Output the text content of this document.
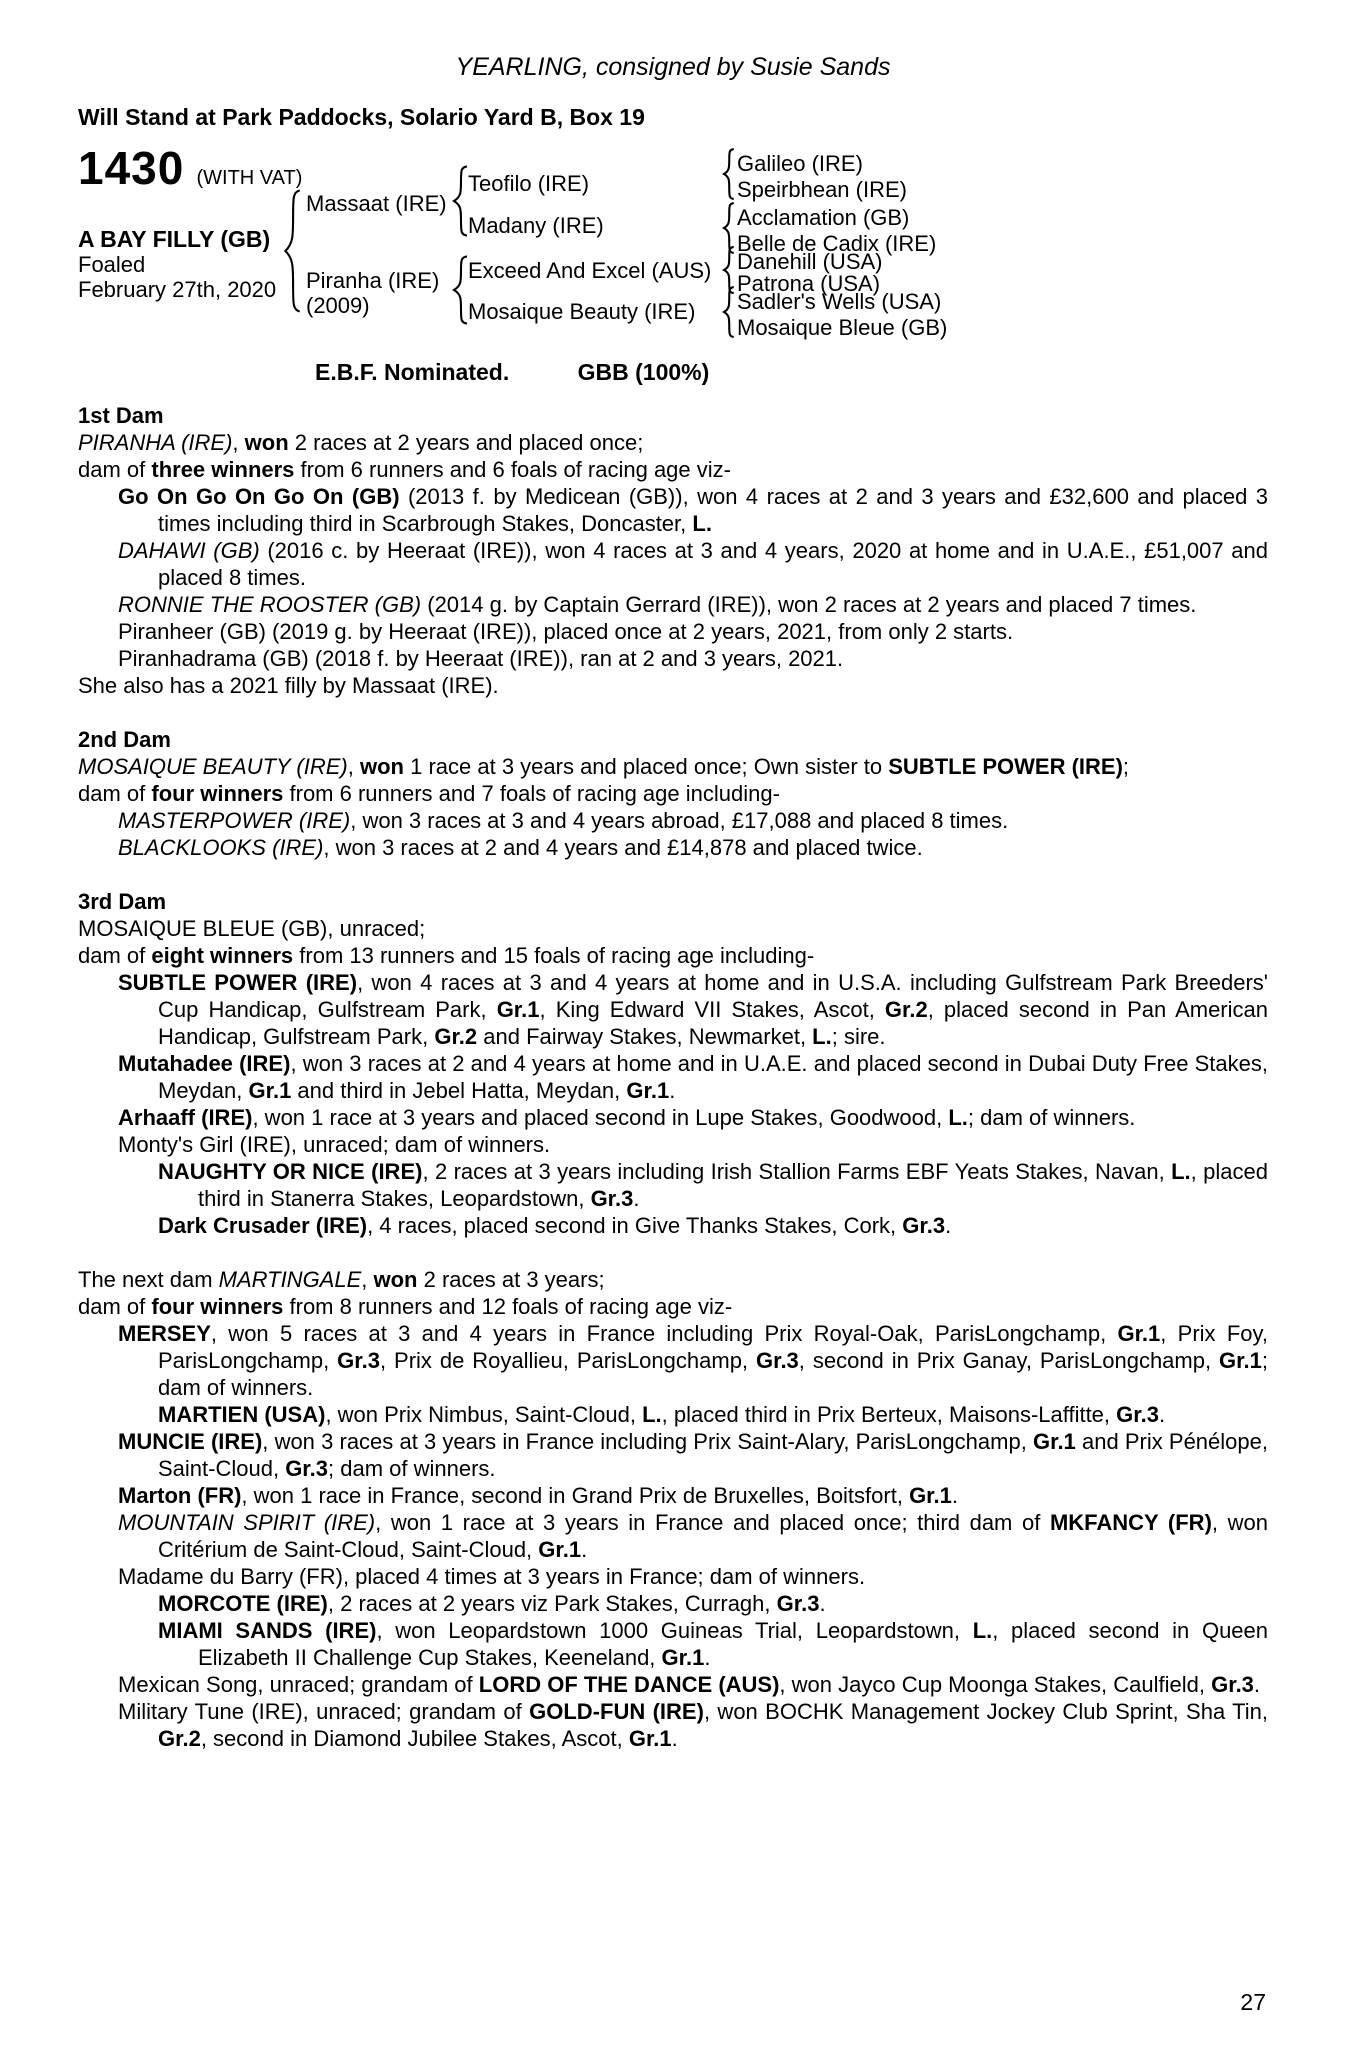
YEARLING, consigned by Susie Sands

Will Stand at Park Paddocks, Solario Yard B, Box 19

1430 (WITH VAT)
A BAY FILLY (GB)
Foaled
February 27th, 2020
Massaat (IRE)
Piranha (IRE)
(2009)
Teofilo (IRE)
Madany (IRE)
Exceed And Excel (AUS)
Mosaique Beauty (IRE)
Galileo (IRE)
Speirbhean (IRE)
Acclamation (GB)
Belle de Cadix (IRE)
Danehill (USA)
Patrona (USA)
Sadler's Wells (USA)
Mosaique Bleue (GB)

E.B.F. Nominated.	GBB (100%)

1st Dam

PIRANHA (IRE), won 2 races at 2 years and placed once;

dam of three winners from 6 runners and 6 foals of racing age viz-

Go On Go On Go On (GB) (2013 f. by Medicean (GB)), won 4 races at 2 and 3 years and £32,600 and placed 3 times including third in Scarbrough Stakes, Doncaster, L.

DAHAWI (GB) (2016 c. by Heeraat (IRE)), won 4 races at 3 and 4 years, 2020 at home and in U.A.E., £51,007 and placed 8 times.

RONNIE THE ROOSTER (GB) (2014 g. by Captain Gerrard (IRE)), won 2 races at 2 years and placed 7 times.

Piranheer (GB) (2019 g. by Heeraat (IRE)), placed once at 2 years, 2021, from only 2 starts.

Piranhadrama (GB) (2018 f. by Heeraat (IRE)), ran at 2 and 3 years, 2021.

She also has a 2021 filly by Massaat (IRE).

2nd Dam

MOSAIQUE BEAUTY (IRE), won 1 race at 3 years and placed once; Own sister to SUBTLE POWER (IRE);

dam of four winners from 6 runners and 7 foals of racing age including-

MASTERPOWER (IRE), won 3 races at 3 and 4 years abroad, £17,088 and placed 8 times.

BLACKLOOKS (IRE), won 3 races at 2 and 4 years and £14,878 and placed twice.

3rd Dam

MOSAIQUE BLEUE (GB), unraced;

dam of eight winners from 13 runners and 15 foals of racing age including-

SUBTLE POWER (IRE), won 4 races at 3 and 4 years at home and in U.S.A. including Gulfstream Park Breeders' Cup Handicap, Gulfstream Park, Gr.1, King Edward VII Stakes, Ascot, Gr.2, placed second in Pan American Handicap, Gulfstream Park, Gr.2 and Fairway Stakes, Newmarket, L.; sire.

Mutahadee (IRE), won 3 races at 2 and 4 years at home and in U.A.E. and placed second in Dubai Duty Free Stakes, Meydan, Gr.1 and third in Jebel Hatta, Meydan, Gr.1.

Arhaaff (IRE), won 1 race at 3 years and placed second in Lupe Stakes, Goodwood, L.; dam of winners.

Monty's Girl (IRE), unraced; dam of winners.

NAUGHTY OR NICE (IRE), 2 races at 3 years including Irish Stallion Farms EBF Yeats Stakes, Navan, L., placed third in Stanerra Stakes, Leopardstown, Gr.3.

Dark Crusader (IRE), 4 races, placed second in Give Thanks Stakes, Cork, Gr.3.

The next dam MARTINGALE, won 2 races at 3 years;

dam of four winners from 8 runners and 12 foals of racing age viz-

MERSEY, won 5 races at 3 and 4 years in France including Prix Royal-Oak, ParisLongchamp, Gr.1, Prix Foy, ParisLongchamp, Gr.3, Prix de Royallieu, ParisLongchamp, Gr.3, second in Prix Ganay, ParisLongchamp, Gr.1; dam of winners.

MARTIEN (USA), won Prix Nimbus, Saint-Cloud, L., placed third in Prix Berteux, Maisons-Laffitte, Gr.3.

MUNCIE (IRE), won 3 races at 3 years in France including Prix Saint-Alary, ParisLongchamp, Gr.1 and Prix Pénélope, Saint-Cloud, Gr.3; dam of winners.

Marton (FR), won 1 race in France, second in Grand Prix de Bruxelles, Boitsfort, Gr.1.

MOUNTAIN SPIRIT (IRE), won 1 race at 3 years in France and placed once; third dam of MKFANCY (FR), won Critérium de Saint-Cloud, Saint-Cloud, Gr.1.

Madame du Barry (FR), placed 4 times at 3 years in France; dam of winners.

MORCOTE (IRE), 2 races at 2 years viz Park Stakes, Curragh, Gr.3.

MIAMI SANDS (IRE), won Leopardstown 1000 Guineas Trial, Leopardstown, L., placed second in Queen Elizabeth II Challenge Cup Stakes, Keeneland, Gr.1.

Mexican Song, unraced; grandam of LORD OF THE DANCE (AUS), won Jayco Cup Moonga Stakes, Caulfield, Gr.3.

Military Tune (IRE), unraced; grandam of GOLD-FUN (IRE), won BOCHK Management Jockey Club Sprint, Sha Tin, Gr.2, second in Diamond Jubilee Stakes, Ascot, Gr.1.

27
